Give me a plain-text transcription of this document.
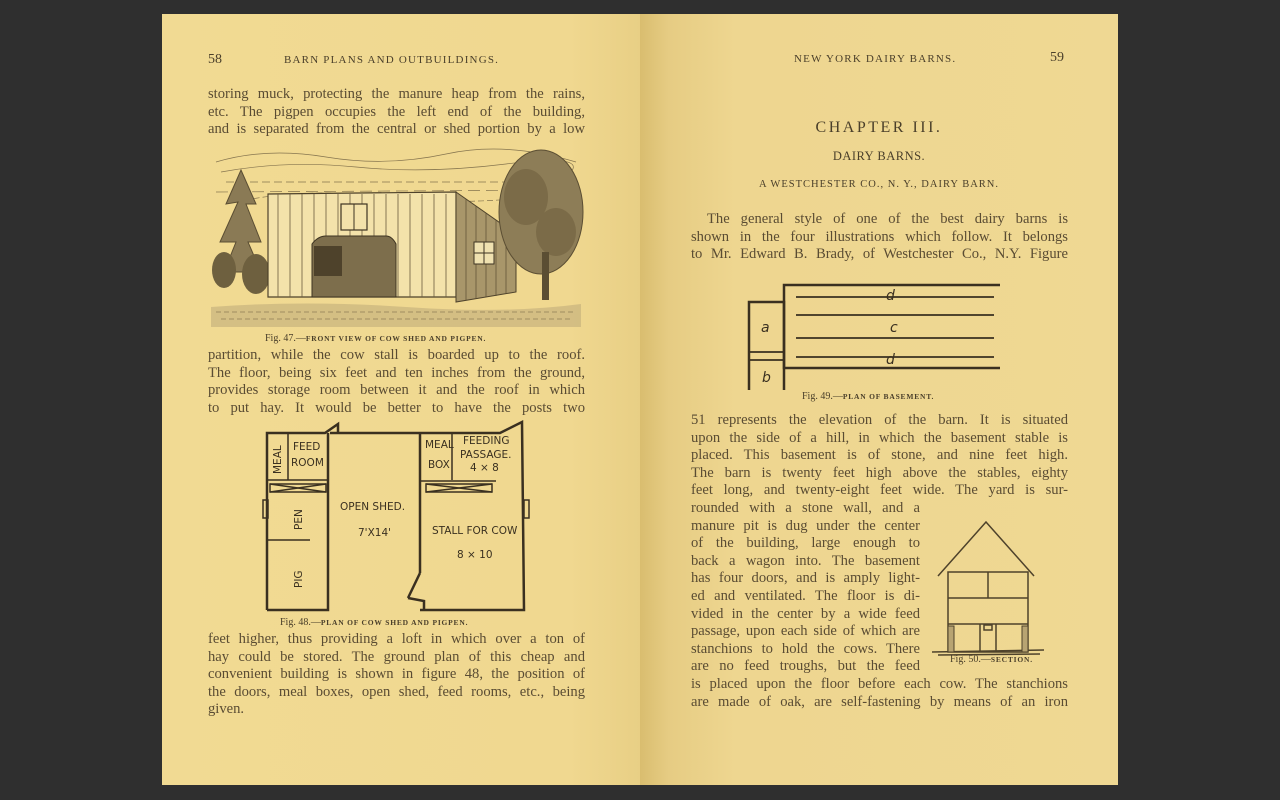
58	BARN PLANS AND OUTBUILDINGS.
storing muck, protecting the manure heap from the rains,
etc. The pigpen occupies the left end of the building,
and is separated from the central or shed portion by a low
Fig. 47.—FRONT VIEW OF COW SHED AND PIGPEN.
partition, while the cow stall is boarded up to the roof.
The floor, being six feet and ten inches from the ground,
provides storage room between it and the roof in which
to put hay. It would be better to have the posts two
MEAL FEED
ROOM
PEN
PIG
OPEN SHED.
7'X14'
MEAL
BOX
FEEDING
PASSAGE.
4 × 8
STALL FOR COW
8 × 10
Fig. 48.—PLAN OF COW SHED AND PIGPEN.
feet higher, thus providing a loft in which over a ton of
hay could be stored. The ground plan of this cheap and
convenient building is shown in figure 48, the position of
the doors, meal boxes, open shed, feed rooms, etc., being
given.
NEW YORK DAIRY BARNS.	59
CHAPTER III.
DAIRY BARNS.
A WESTCHESTER CO., N. Y., DAIRY BARN.
The general style of one of the best dairy barns is
shown in the four illustrations which follow. It belongs
to Mr. Edward B. Brady, of Westchester Co., N.Y. Figure
a
b
c
d
d
Fig. 49.—PLAN OF BASEMENT.
51 represents the elevation of the barn. It is situated
upon the side of a hill, in which the basement stable is
placed. This basement is of stone, and nine feet high.
The barn is twenty feet high above the stables, eighty
feet long, and twenty-eight feet wide. The yard is sur-
rounded with a stone wall, and a
manure pit is dug under the center
of the building, large enough to
back a wagon into. The basement
has four doors, and is amply light-
ed and ventilated. The floor is di-
vided in the center by a wide feed
passage, upon each side of which are
stanchions to hold the cows. There
are no feed troughs, but the feed	Fig. 50.—SECTION.
is placed upon the floor before each cow. The stanchions
are made of oak, are self-fastening by means of an iron
